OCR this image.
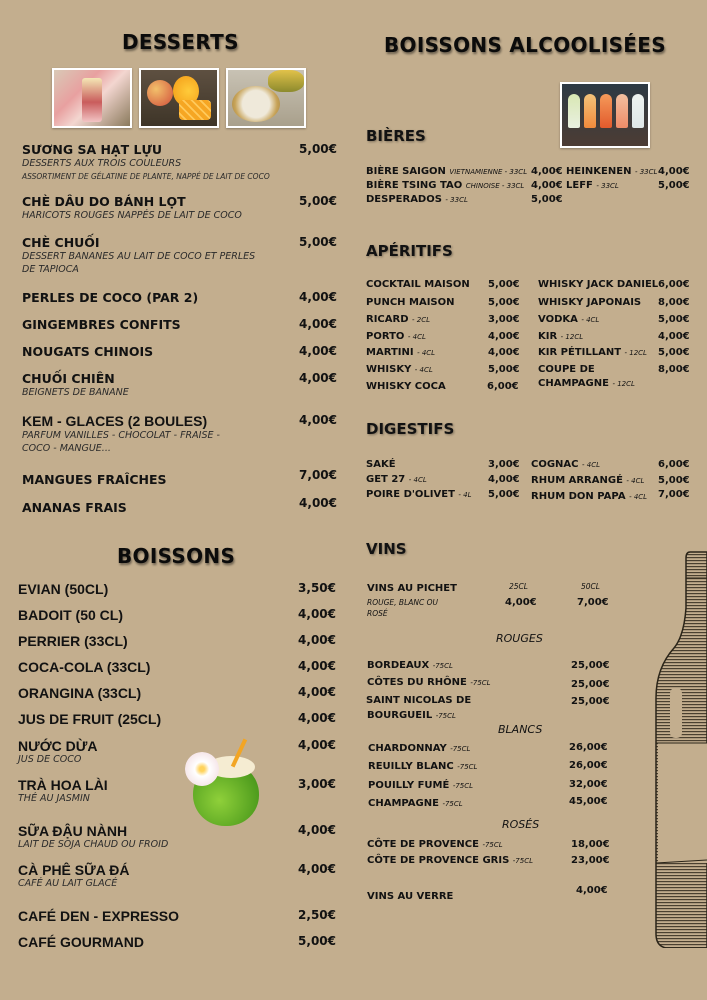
DESSERTS
SƯƠNG SA HẠT LỰU	5,00€
DESSERTS AUX TROIS COULEURS
ASSORTIMENT DE GÉLATINE DE PLANTE, NAPPÉ DE LAIT DE COCO
CHÈ DÂU DO BÁNH LỌT	5,00€
HARICOTS ROUGES NAPPÉS DE LAIT DE COCO
CHÈ CHUỐI	5,00€
DESSERT BANANES AU LAIT DE COCO ET PERLES DE TAPIOCA
PERLES DE COCO (PAR 2)	4,00€
GINGEMBRES CONFITS	4,00€
NOUGATS CHINOIS	4,00€
CHUỐI CHIÊN	4,00€
BEIGNETS DE BANANE
KEM - GLACES (2 BOULES)	4,00€
PARFUM VANILLES - CHOCOLAT - FRAISE - COCO - MANGUE...
MANGUES FRAÎCHES	7,00€
ANANAS FRAIS	4,00€
BOISSONS
EVIAN (50CL)	3,50€
BADOIT (50 CL)	4,00€
PERRIER (33CL)	4,00€
COCA-COLA (33CL)	4,00€
ORANGINA (33CL)	4,00€
JUS DE FRUIT (25CL)	4,00€
NƯỚC DỪA	4,00€
JUS DE COCO
TRÀ HOA LÀI	3,00€
THÉ AU JASMIN
SỮA ĐẬU NÀNH	4,00€
LAIT DE SOJA CHAUD OU FROID
CÀ PHÊ SỮA ĐÁ	4,00€
CAFÉ AU LAIT GLACÉ
CAFÉ DEN - EXPRESSO	2,50€
CAFÉ GOURMAND	5,00€
BOISSONS ALCOOLISÉES
BIÈRES
BIÈRE SAIGON VIETNAMIENNE - 33CL 4,00€
BIÈRE TSING TAO CHINOISE - 33CL 4,00€
DESPERADOS - 33CL	5,00€
HEINKENEN - 33CL 4,00€
LEFF - 33CL	5,00€
APÉRITIFS
COCKTAIL MAISON 5,00€
PUNCH MAISON	5,00€
RICARD - 2CL	3,00€
PORTO - 4CL	4,00€
MARTINI - 4CL	4,00€
WHISKY - 4CL	5,00€
WHISKY COCA	6,00€
WHISKY JACK DANIEL 6,00€
WHISKY JAPONAIS 8,00€
VODKA - 4CL	5,00€
KIR - 12CL	4,00€
KIR PÉTILLANT - 12CL 5,00€
COUPE DE
CHAMPAGNE - 12CL
8,00€
DIGESTIFS
SAKÉ	3,00€
GET 27 - 4CL	4,00€
POIRE D'OLIVET - 4L 5,00€
COGNAC - 4CL	6,00€
RHUM ARRANGÉ - 4CL 5,00€
RHUM DON PAPA - 4CL 7,00€
VINS
VINS AU PICHET
ROUGE, BLANC OU ROSÉ
25CL	50CL
4,00€	7,00€
ROUGES
BORDEAUX -75CL	25,00€
CÔTES DU RHÔNE -75CL	25,00€
SAINT NICOLAS DE
BOURGUEIL -75CL
25,00€
BLANCS
CHARDONNAY -75CL	26,00€
REUILLY BLANC -75CL	26,00€
POUILLY FUMÉ -75CL	32,00€
CHAMPAGNE -75CL	45,00€
ROSÉS
CÔTE DE PROVENCE -75CL	18,00€
CÔTE DE PROVENCE GRIS -75CL	23,00€
VINS AU VERRE
4,00€
